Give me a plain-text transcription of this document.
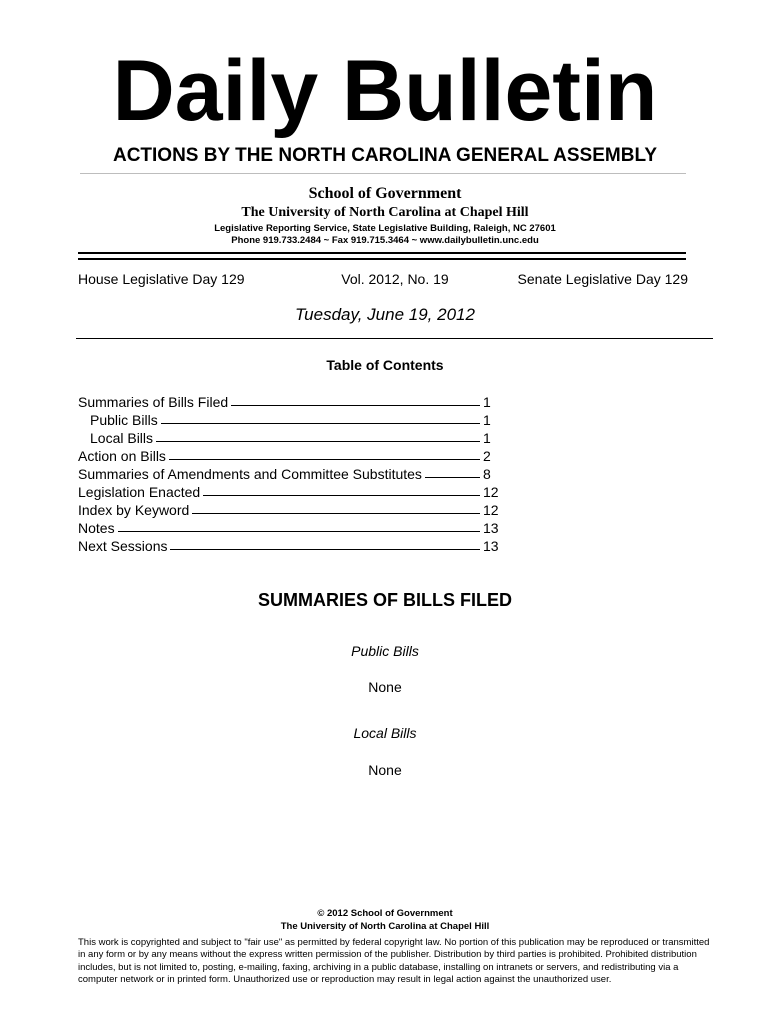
Daily Bulletin
ACTIONS BY THE NORTH CAROLINA GENERAL ASSEMBLY
School of Government
The University of North Carolina at Chapel Hill
Legislative Reporting Service, State Legislative Building, Raleigh, NC 27601
Phone 919.733.2484 ~ Fax 919.715.3464 ~ www.dailybulletin.unc.edu
House Legislative Day 129	Vol. 2012, No. 19	Senate Legislative Day 129
Tuesday, June 19, 2012
Table of Contents
Summaries of Bills Filed	1
Public Bills	1
Local Bills	1
Action on Bills	2
Summaries of Amendments and Committee Substitutes	8
Legislation Enacted	12
Index by Keyword	12
Notes	13
Next Sessions	13
SUMMARIES OF BILLS FILED
Public Bills
None
Local Bills
None
© 2012 School of Government
The University of North Carolina at Chapel Hill
This work is copyrighted and subject to "fair use" as permitted by federal copyright law. No portion of this publication may be reproduced or transmitted in any form or by any means without the express written permission of the publisher. Distribution by third parties is prohibited. Prohibited distribution includes, but is not limited to, posting, e-mailing, faxing, archiving in a public database, installing on intranets or servers, and redistributing via a computer network or in printed form. Unauthorized use or reproduction may result in legal action against the unauthorized user.
